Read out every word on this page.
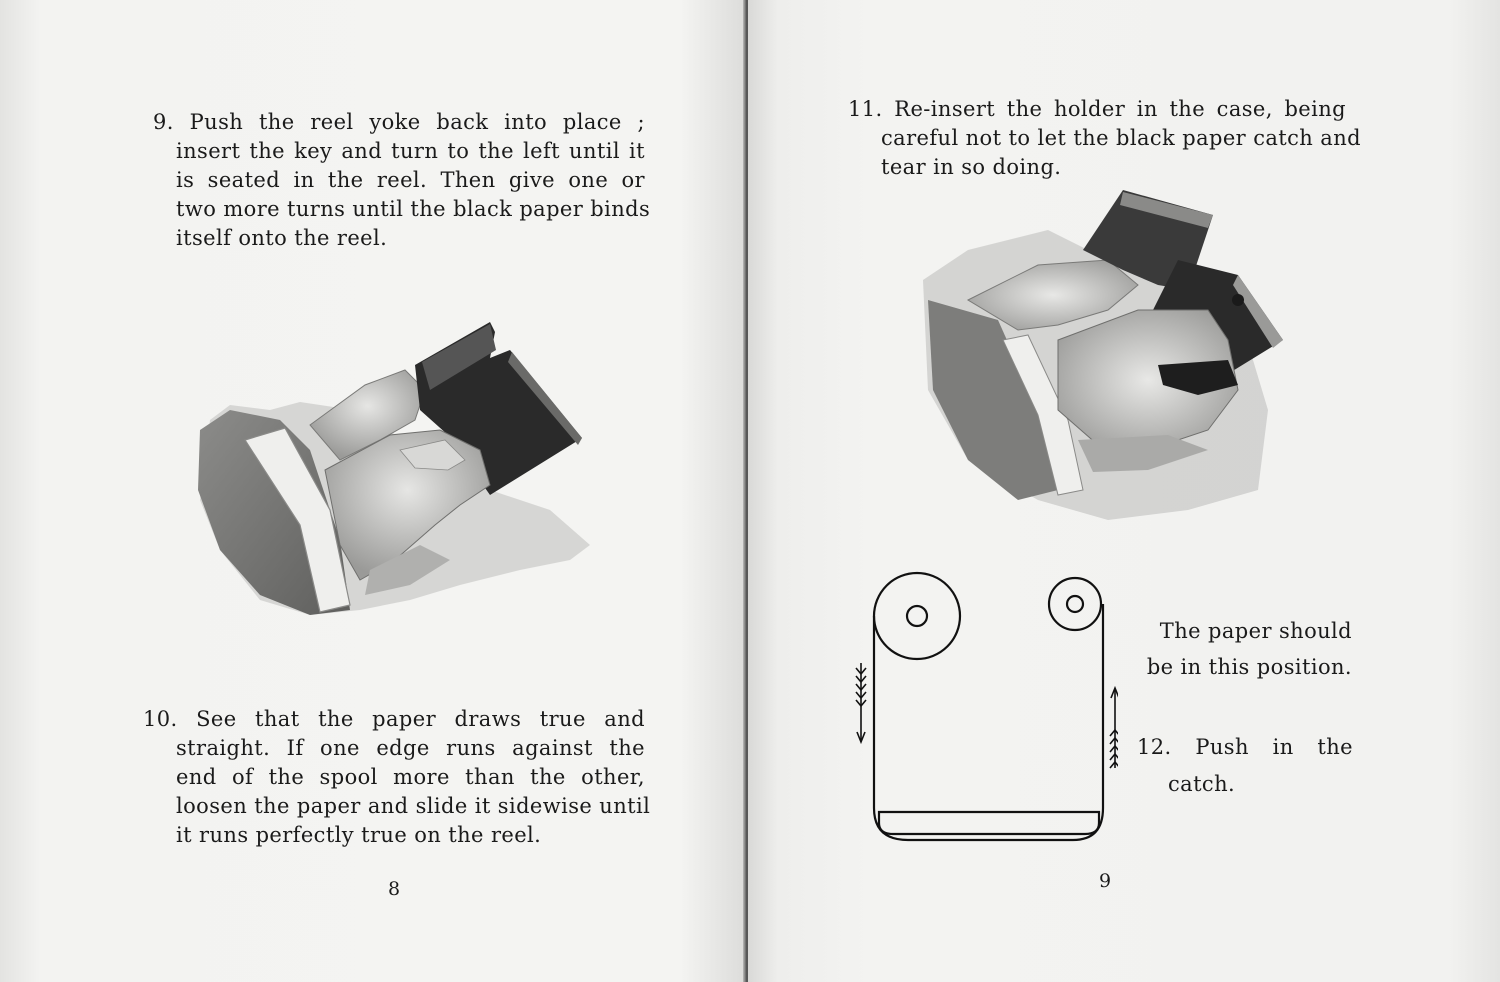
9. Push the reel yoke back into place ;
insert the key and turn to the left until it
is seated in the reel. Then give one or
two more turns until the black paper binds
itself onto the reel.
10. See that the paper draws true and
straight. If one edge runs against the
end of the spool more than the other,
loosen the paper and slide it sidewise until
it runs perfectly true on the reel.
8
11. Re-insert the holder in the case, being
careful not to let the black paper catch and
tear in so doing.
The paper should
be in this position.
12. Push in the
catch.
9
